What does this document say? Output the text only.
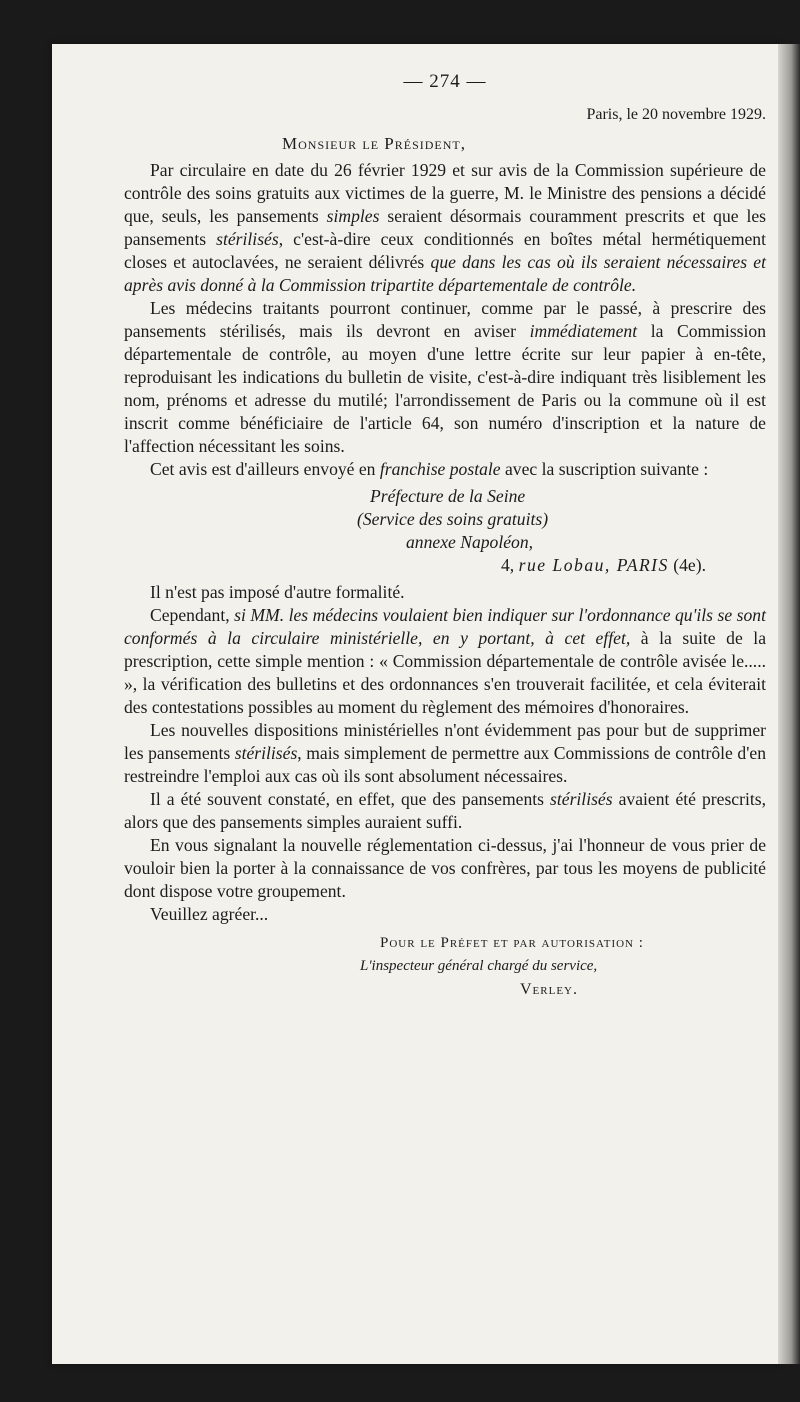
— 274 —

Paris, le 20 novembre 1929.

Monsieur le Président,

Par circulaire en date du 26 février 1929 et sur avis de la Commission supérieure de contrôle des soins gratuits aux victimes de la guerre, M. le Ministre des pensions a décidé que, seuls, les pansements simples seraient désormais couramment prescrits et que les pansements stérilisés, c'est-à-dire ceux conditionnés en boîtes métal hermétiquement closes et autoclavées, ne seraient délivrés que dans les cas où ils seraient nécessaires et après avis donné à la Commission tripartite départementale de contrôle.

Les médecins traitants pourront continuer, comme par le passé, à prescrire des pansements stérilisés, mais ils devront en aviser immédiatement la Commission départementale de contrôle, au moyen d'une lettre écrite sur leur papier à en-tête, reproduisant les indications du bulletin de visite, c'est-à-dire indiquant très lisiblement les nom, prénoms et adresse du mutilé; l'arrondissement de Paris ou la commune où il est inscrit comme bénéficiaire de l'article 64, son numéro d'inscription et la nature de l'affection nécessitant les soins.

Cet avis est d'ailleurs envoyé en franchise postale avec la suscription suivante :

Préfecture de la Seine
(Service des soins gratuits)
annexe Napoléon,
4, rue Lobau, PARIS (4e).

Il n'est pas imposé d'autre formalité.

Cependant, si MM. les médecins voulaient bien indiquer sur l'ordonnance qu'ils se sont conformés à la circulaire ministérielle, en y portant, à cet effet, à la suite de la prescription, cette simple mention : « Commission départementale de contrôle avisée le..... », la vérification des bulletins et des ordonnances s'en trouverait facilitée, et cela éviterait des contestations possibles au moment du règlement des mémoires d'honoraires.

Les nouvelles dispositions ministérielles n'ont évidemment pas pour but de supprimer les pansements stérilisés, mais simplement de permettre aux Commissions de contrôle d'en restreindre l'emploi aux cas où ils sont absolument nécessaires.

Il a été souvent constaté, en effet, que des pansements stérilisés avaient été prescrits, alors que des pansements simples auraient suffi.

En vous signalant la nouvelle réglementation ci-dessus, j'ai l'honneur de vous prier de vouloir bien la porter à la connaissance de vos confrères, par tous les moyens de publicité dont dispose votre groupement.

Veuillez agréer...

Pour le Préfet et par autorisation :
L'inspecteur général chargé du service,
Verley.
